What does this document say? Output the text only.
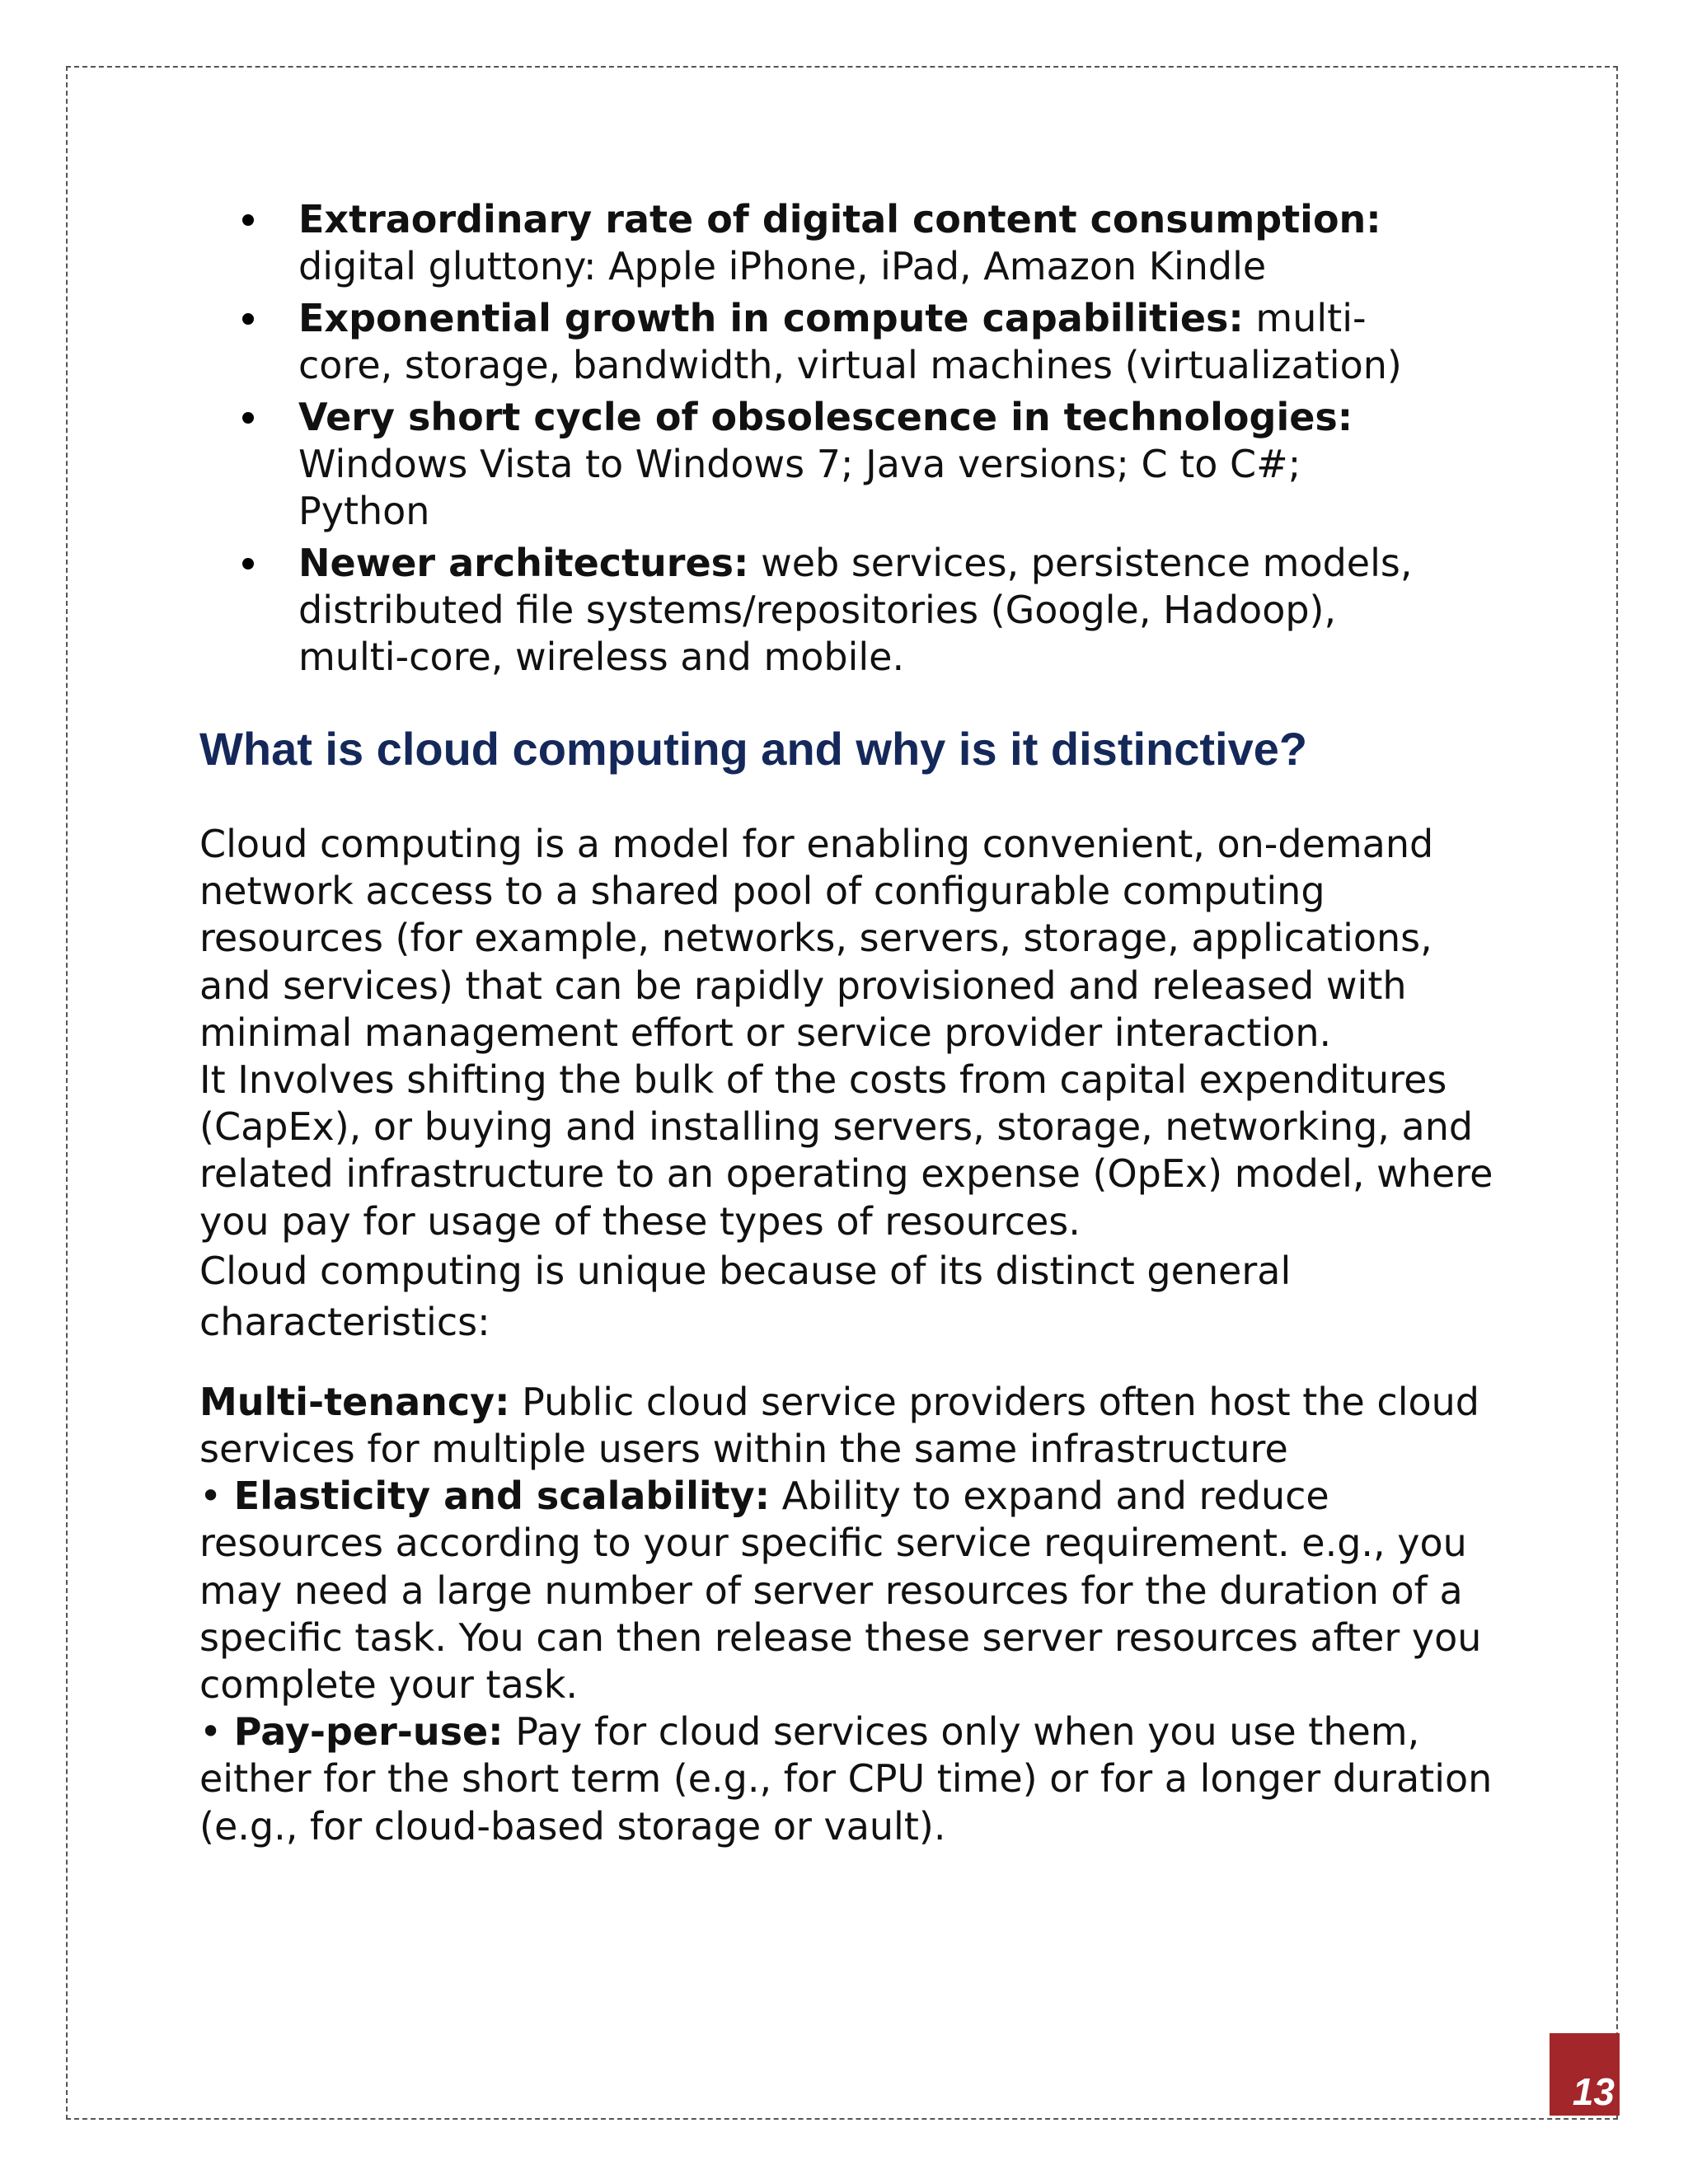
Extraordinary rate of digital content consumption: digital gluttony: Apple iPhone, iPad, Amazon Kindle
Exponential growth in compute capabilities: multi-core, storage, bandwidth, virtual machines (virtualization)
Very short cycle of obsolescence in technologies: Windows Vista to Windows 7; Java versions; C to C#; Python
Newer architectures: web services, persistence models, distributed file systems/repositories (Google, Hadoop), multi-core, wireless and mobile.
What is cloud computing and why is it distinctive?

Cloud computing is a model for enabling convenient, on-demand network access to a shared pool of configurable computing resources (for example, networks, servers, storage, applications, and services) that can be rapidly provisioned and released with minimal management effort or service provider interaction.

It Involves shifting the bulk of the costs from capital expenditures (CapEx), or buying and installing servers, storage, networking, and related infrastructure to an operating expense (OpEx) model, where you pay for usage of these types of resources.

Cloud computing is unique because of its distinct general characteristics:

Multi-tenancy: Public cloud service providers often host the cloud services for multiple users within the same infrastructure

• Elasticity and scalability: Ability to expand and reduce resources according to your specific service requirement. e.g., you may need a large number of server resources for the duration of a specific task. You can then release these server resources after you complete your task.

• Pay-per-use: Pay for cloud services only when you use them, either for the short term (e.g., for CPU time) or for a longer duration (e.g., for cloud-based storage or vault).

13
